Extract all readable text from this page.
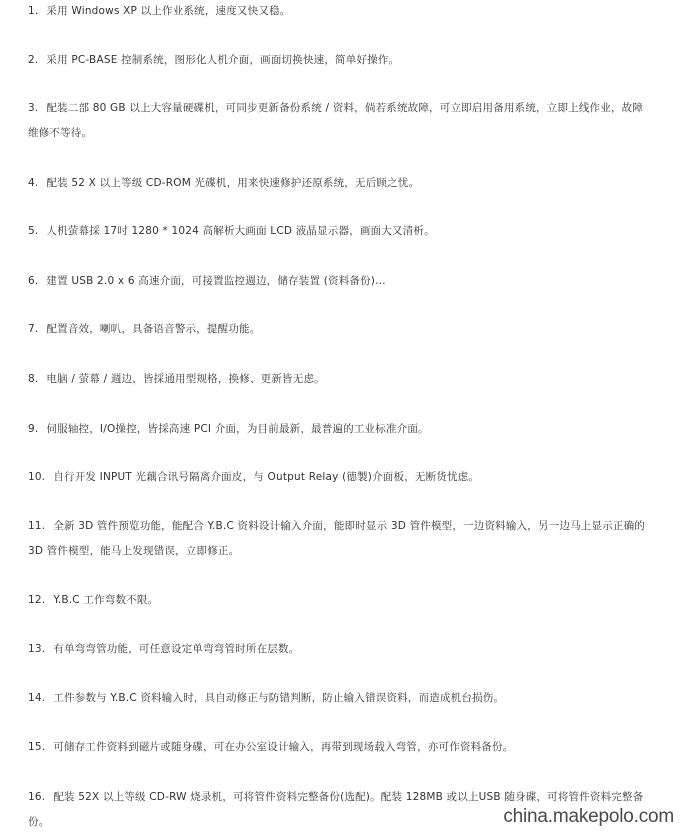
1. 采用 Windows XP 以上作业系统，速度又快又稳。
2. 采用 PC-BASE 控制系统，图形化人机介面，画面切换快速，简单好操作。
3. 配装二部 80 GB 以上大容量硬碟机，可同步更新备份系统 / 资料，倘若系统故障，可立即启用备用系统，立即上线作业，故障维修不等待。
4. 配装 52 X 以上等级 CD-ROM 光碟机，用来快速修护还原系统，无后顾之忧。
5. 人机萤幕採 17吋 1280 * 1024 高解析大画面 LCD 液晶显示器，画面大又清析。
6. 建置 USB 2.0 x 6 高速介面，可接置监控週边，储存装置 (资料备份)…
7. 配置音效，喇叭，具备语音警示，提醒功能。
8. 电脑 / 萤幕 / 週边，皆採通用型规格，换修、更新皆无虑。
9. 伺服轴控，I/O操控，皆採高速 PCI 介面，为目前最新，最普遍的工业标准介面。
10. 自行开发 INPUT 光藕合讯号隔离介面皮，与 Output Relay (德製)介面板，无断货忧虑。
11. 全新 3D 管件预览功能，能配合 Y.B.C 资料设计输入介面，能即时显示 3D 管件模型，一边资料输入，另一边马上显示正确的 3D 管件模型，能马上发现错误，立即修正。
12. Y.B.C 工作弯数不限。
13. 有单弯弯管功能，可任意设定单弯弯管时所在层数。
14. 工件参数与 Y.B.C 资料输入时，具自动修正与防错判断，防止输入错误资料，而造成机台损伤。
15. 可储存工件资料到磁片或随身碟，可在办公室设计输入，再带到现场载入弯管，亦可作资料备份。
16. 配装 52X 以上等级 CD-RW 烧录机，可将管件资料完整备份(选配)。配装 128MB 或以上USB 随身碟，可将管件资料完整备份。	china.makepolo.com
